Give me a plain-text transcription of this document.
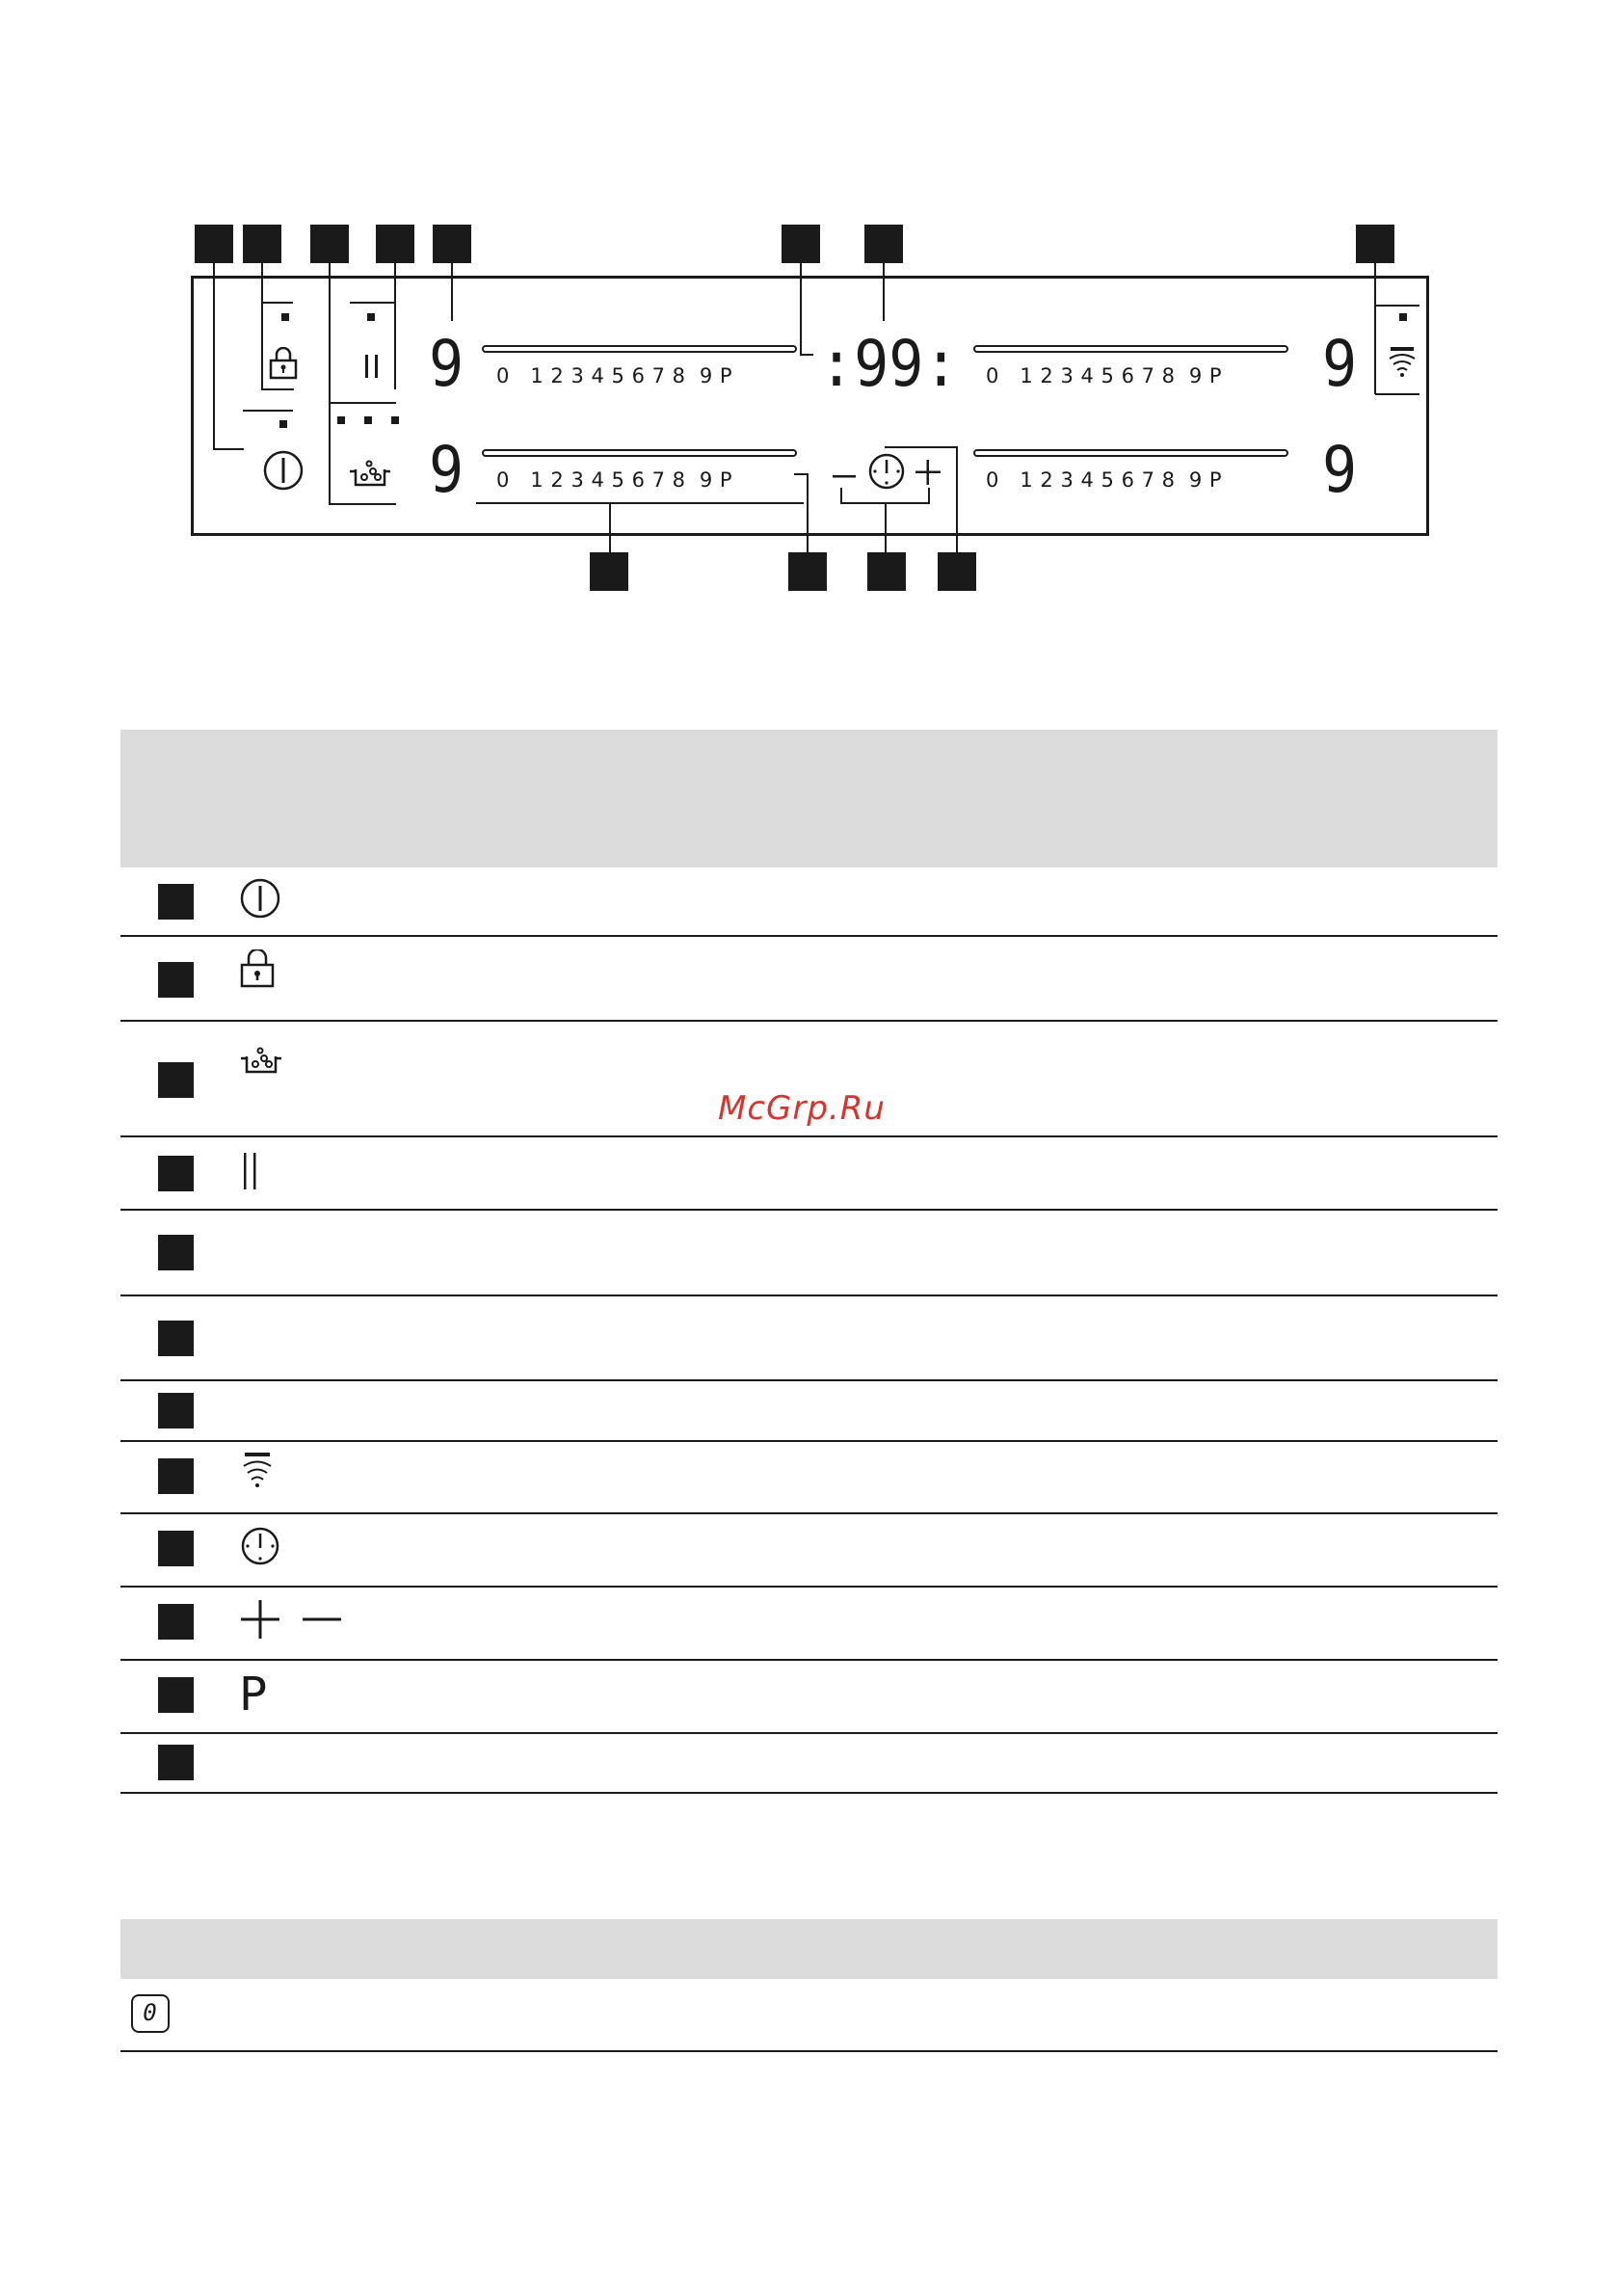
9 0   1 2 3 4 5 6 7 8  9 P :99: 0   1 2 3 4 5 6 7 8  9 P 9
9 0   1 2 3 4 5 6 7 8  9 P	0   1 2 3 4 5 6 7 8  9 P 9
P
McGrp.Ru
0
